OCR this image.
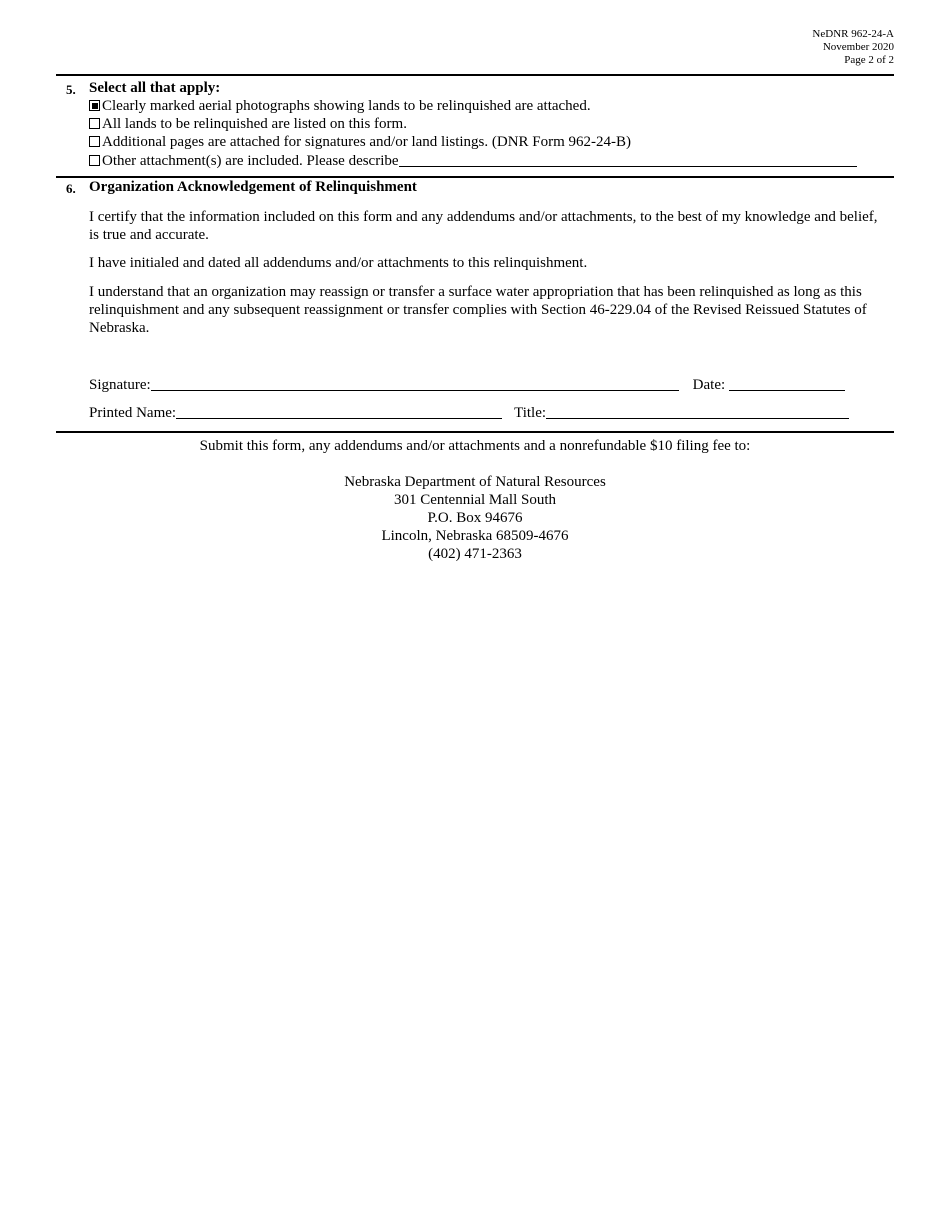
NeDNR 962-24-A
November 2020
Page 2 of 2
5. Select all that apply:
Clearly marked aerial photographs showing lands to be relinquished are attached.
All lands to be relinquished are listed on this form.
Additional pages are attached for signatures and/or land listings. (DNR Form 962-24-B)
Other attachment(s) are included. Please describe
6. Organization Acknowledgement of Relinquishment
I certify that the information included on this form and any addendums and/or attachments, to the best of my knowledge and belief, is true and accurate.
I have initialed and dated all addendums and/or attachments to this relinquishment.
I understand that an organization may reassign or transfer a surface water appropriation that has been relinquished as long as this relinquishment and any subsequent reassignment or transfer complies with Section 46-229.04 of the Revised Reissued Statutes of Nebraska.
Signature:	Date:
Printed Name:	Title:
Submit this form, any addendums and/or attachments and a nonrefundable $10 filing fee to:
Nebraska Department of Natural Resources
301 Centennial Mall South
P.O. Box 94676
Lincoln, Nebraska 68509-4676
(402) 471-2363
